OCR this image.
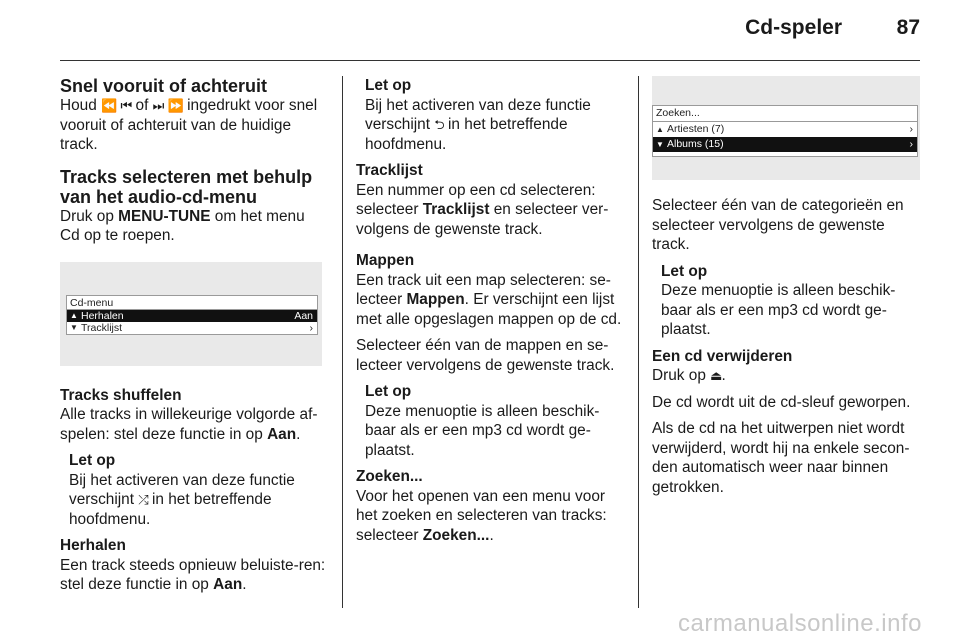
Cd-speler	87
Snel vooruit of achteruit

Houd ⏪ ⏮ of ⏭ ⏩ ingedrukt voor snel vooruit of achteruit van de huidige track.

Tracks selecteren met behulp van het audio-cd-menu

Druk op MENU-TUNE om het menu Cd op te roepen.

Cd-menu
▲ Herhalen	Aan
▼ Tracklijst	›
Tracks shuffelen

Alle tracks in willekeurige volgorde af-spelen: stel deze functie in op Aan.

Let op

Bij het activeren van deze functie verschijnt ⤮ in het betreffende hoofdmenu.

Herhalen

Een track steeds opnieuw beluiste-ren: stel deze functie in op Aan.

Let op

Bij het activeren van deze functie verschijnt ⮌ in het betreffende hoofdmenu.

Tracklijst

Een nummer op een cd selecteren: selecteer Tracklijst en selecteer ver-volgens de gewenste track.

Mappen

Een track uit een map selecteren: se-lecteer Mappen. Er verschijnt een lijst met alle opgeslagen mappen op de cd.

Selecteer één van de mappen en se-lecteer vervolgens de gewenste track.

Let op

Deze menuoptie is alleen beschik-baar als er een mp3 cd wordt ge-plaatst.

Zoeken...

Voor het openen van een menu voor het zoeken en selecteren van tracks: selecteer Zoeken....

Zoeken...
▲ Artiesten (7)	›
▼ Albums (15)	›

Selecteer één van de categorieën en selecteer vervolgens de gewenste track.

Let op

Deze menuoptie is alleen beschik-baar als er een mp3 cd wordt ge-plaatst.

Een cd verwijderen

Druk op ⏏.

De cd wordt uit de cd-sleuf geworpen.

Als de cd na het uitwerpen niet wordt verwijderd, wordt hij na enkele secon-den automatisch weer naar binnen getrokken.

carmanualsonline.info
